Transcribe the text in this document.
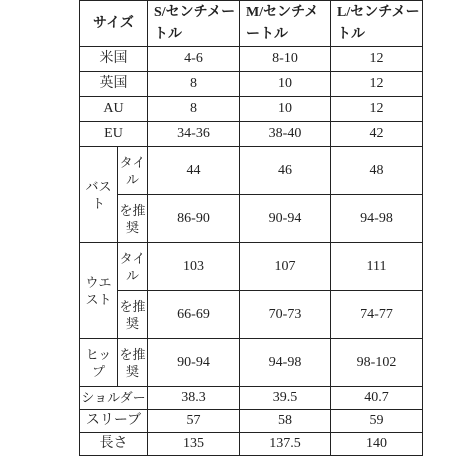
サイズ		S/センチメートル	M/センチメートル	L/センチメートル
米国		4-6	8-10	12
英国		8	10	12
AU		8	10	12
EU		34-36	38-40	42
バスト	タイル	44	46	48
	を推奨	86-90	90-94	94-98
ウエスト	タイル	103	107	111
	を推奨	66-69	70-73	74-77
ヒップ	を推奨	90-94	94-98	98-102
ショルダー		38.3	39.5	40.7
スリーブ		57	58	59
長さ		135	137.5	140
